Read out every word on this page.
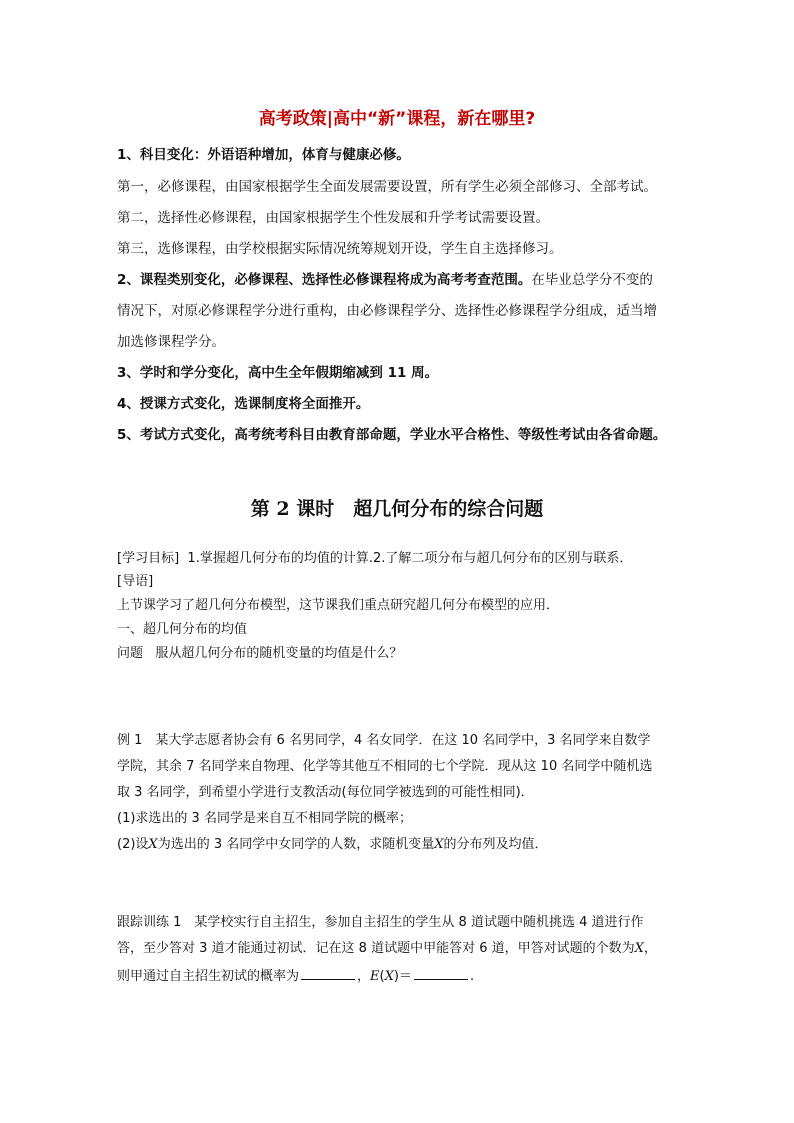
高考政策|高中“新”课程，新在哪里?
1、科目变化：外语语种增加，体育与健康必修。
第一，必修课程，由国家根据学生全面发展需要设置，所有学生必须全部修习、全部考试。
第二，选择性必修课程，由国家根据学生个性发展和升学考试需要设置。
第三，选修课程，由学校根据实际情况统筹规划开设，学生自主选择修习。
2、课程类别变化，必修课程、选择性必修课程将成为高考考查范围。在毕业总学分不变的
情况下，对原必修课程学分进行重构，由必修课程学分、选择性必修课程学分组成，适当增
加选修课程学分。
3、学时和学分变化，高中生全年假期缩减到 11 周。
4、授课方式变化，选课制度将全面推开。
5、考试方式变化，高考统考科目由教育部命题，学业水平合格性、等级性考试由各省命题。
第 2 课时　超几何分布的综合问题
[学习目标] 1.掌握超几何分布的均值的计算.2.了解二项分布与超几何分布的区别与联系．
[导语]
上节课学习了超几何分布模型，这节课我们重点研究超几何分布模型的应用．
一、超几何分布的均值
问题 服从超几何分布的随机变量的均值是什么？
例 1　某大学志愿者协会有 6 名男同学，4 名女同学．在这 10 名同学中，3 名同学来自数学
学院，其余 7 名同学来自物理、化学等其他互不相同的七个学院．现从这 10 名同学中随机选
取 3 名同学，到希望小学进行支教活动(每位同学被选到的可能性相同)．
(1)求选出的 3 名同学是来自互不相同学院的概率；
(2)设X为选出的 3 名同学中女同学的人数，求随机变量X的分布列及均值．
跟踪训练 1　某学校实行自主招生，参加自主招生的学生从 8 道试题中随机挑选 4 道进行作
答，至少答对 3 道才能通过初试．记在这 8 道试题中甲能答对 6 道，甲答对试题的个数为X，
则甲通过自主招生初试的概率为	，E(X)＝	.
